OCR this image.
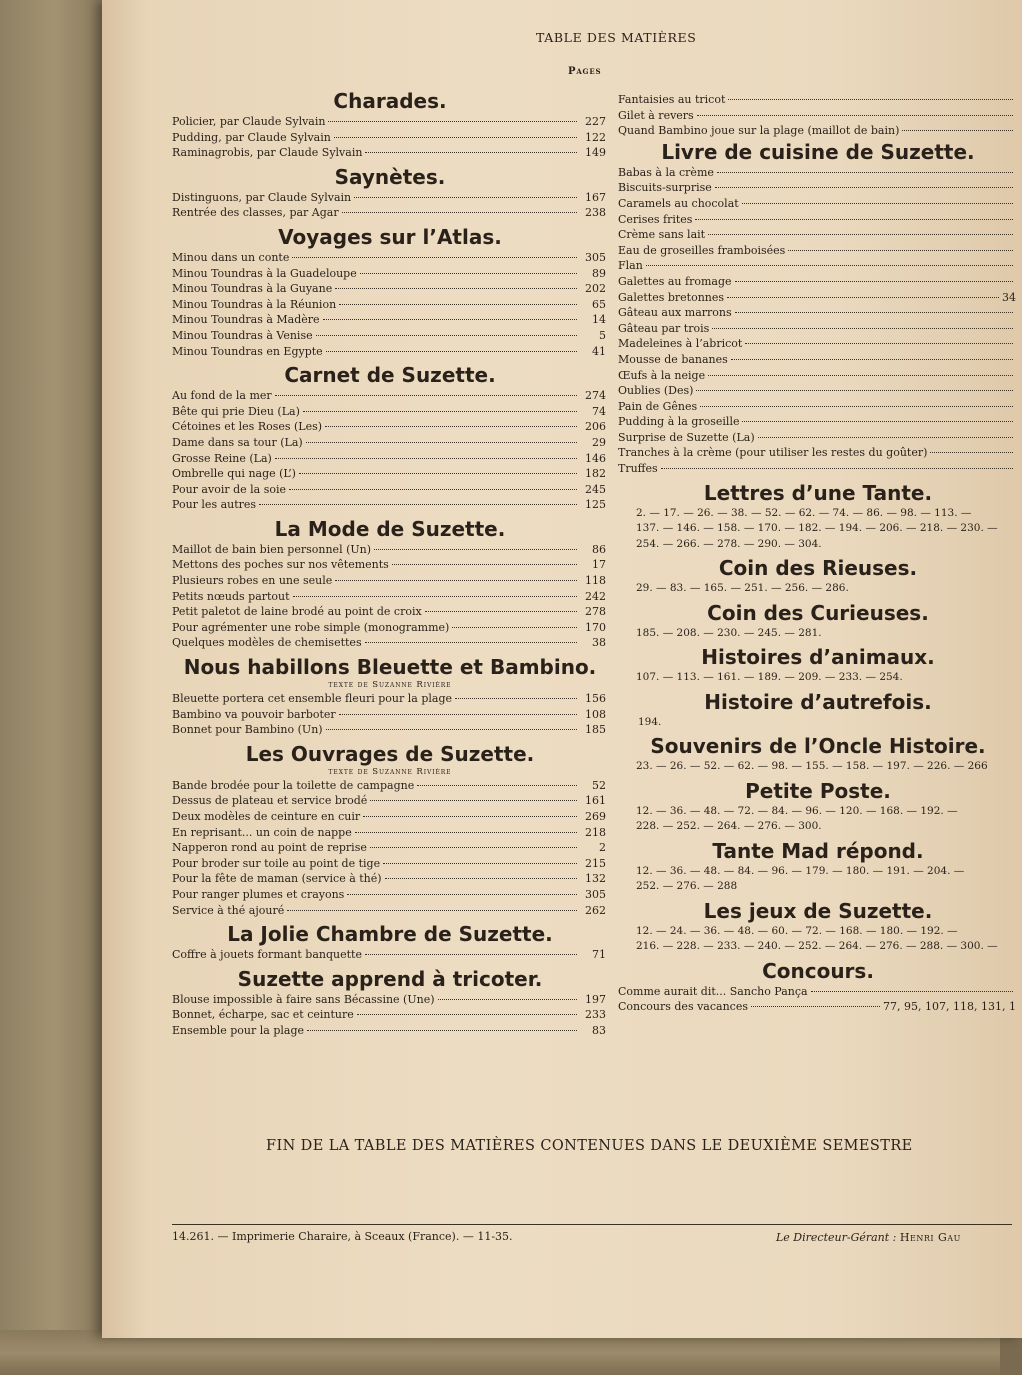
TABLE DES MATIÈRES
Pages
Charades.
Policier, par Claude Sylvain	227
Pudding, par Claude Sylvain	122
Raminagrobis, par Claude Sylvain	149
Saynètes.
Distinguons, par Claude Sylvain	167
Rentrée des classes, par Agar	238
Voyages sur l’Atlas.
Minou dans un conte	305
Minou Toundras à la Guadeloupe	89
Minou Toundras à la Guyane	202
Minou Toundras à la Réunion	65
Minou Toundras à Madère	14
Minou Toundras à Venise	5
Minou Toundras en Egypte	41
Carnet de Suzette.
Au fond de la mer	274
Bête qui prie Dieu (La)	74
Cétoines et les Roses (Les)	206
Dame dans sa tour (La)	29
Grosse Reine (La)	146
Ombrelle qui nage (L’)	182
Pour avoir de la soie	245
Pour les autres	125
La Mode de Suzette.
Maillot de bain bien personnel (Un)	86
Mettons des poches sur nos vêtements	17
Plusieurs robes en une seule	118
Petits nœuds partout	242
Petit paletot de laine brodé au point de croix	278
Pour agrémenter une robe simple (monogramme)	170
Quelques modèles de chemisettes	38
Nous habillons Bleuette et Bambino.
texte de Suzanne Rivière
Bleuette portera cet ensemble fleuri pour la plage	156
Bambino va pouvoir barboter	108
Bonnet pour Bambino (Un)	185
Les Ouvrages de Suzette.
texte de Suzanne Rivière
Bande brodée pour la toilette de campagne	52
Dessus de plateau et service brodé	161
Deux modèles de ceinture en cuir	269
En reprisant... un coin de nappe	218
Napperon rond au point de reprise	2
Pour broder sur toile au point de tige	215
Pour la fête de maman (service à thé)	132
Pour ranger plumes et crayons	305
Service à thé ajouré	262
La Jolie Chambre de Suzette.
Coffre à jouets formant banquette	71
Suzette apprend à tricoter.
Blouse impossible à faire sans Bécassine (Une)	197
Bonnet, écharpe, sac et ceinture	233
Ensemble pour la plage	83
Fantaisies au tricot
Gilet à revers
Quand Bambino joue sur la plage (maillot de bain)
Livre de cuisine de Suzette.
Babas à la crème
Biscuits-surprise
Caramels au chocolat
Cerises frites
Crème sans lait
Eau de groseilles framboisées
Flan
Galettes au fromage
Galettes bretonnes	34
Gâteau aux marrons
Gâteau par trois
Madeleines à l’abricot
Mousse de bananes
Œufs à la neige
Oublies (Des)
Pain de Gênes
Pudding à la groseille
Surprise de Suzette (La)
Tranches à la crème (pour utiliser les restes du goûter)
Truffes
Lettres d’une Tante.
2. — 17. — 26. — 38. — 52. — 62. — 74. — 86. — 98. — 113. —
137. — 146. — 158. — 170. — 182. — 194. — 206. — 218. — 230. —
254. — 266. — 278. — 290. — 304.
Coin des Rieuses.
29. — 83. — 165. — 251. — 256. — 286.
Coin des Curieuses.
185. — 208. — 230. — 245. — 281.
Histoires d’animaux.
107. — 113. — 161. — 189. — 209. — 233. — 254.
Histoire d’autrefois.
194.
Souvenirs de l’Oncle Histoire.
23. — 26. — 52. — 62. — 98. — 155. — 158. — 197. — 226. — 266
Petite Poste.
12. — 36. — 48. — 72. — 84. — 96. — 120. — 168. — 192. —
228. — 252. — 264. — 276. — 300.
Tante Mad répond.
12. — 36. — 48. — 84. — 96. — 179. — 180. — 191. — 204. —
252. — 276. — 288
Les jeux de Suzette.
12. — 24. — 36. — 48. — 60. — 72. — 168. — 180. — 192. —
216. — 228. — 233. — 240. — 252. — 264. — 276. — 288. — 300. —
Concours.
Comme aurait dit... Sancho Pança
Concours des vacances	77, 95, 107, 118, 131, 1
FIN DE LA TABLE DES MATIÈRES CONTENUES DANS LE DEUXIÈME SEMESTRE
14.261. — Imprimerie Charaire, à Sceaux (France). — 11-35.	Le Directeur-Gérant : Henri Gau
